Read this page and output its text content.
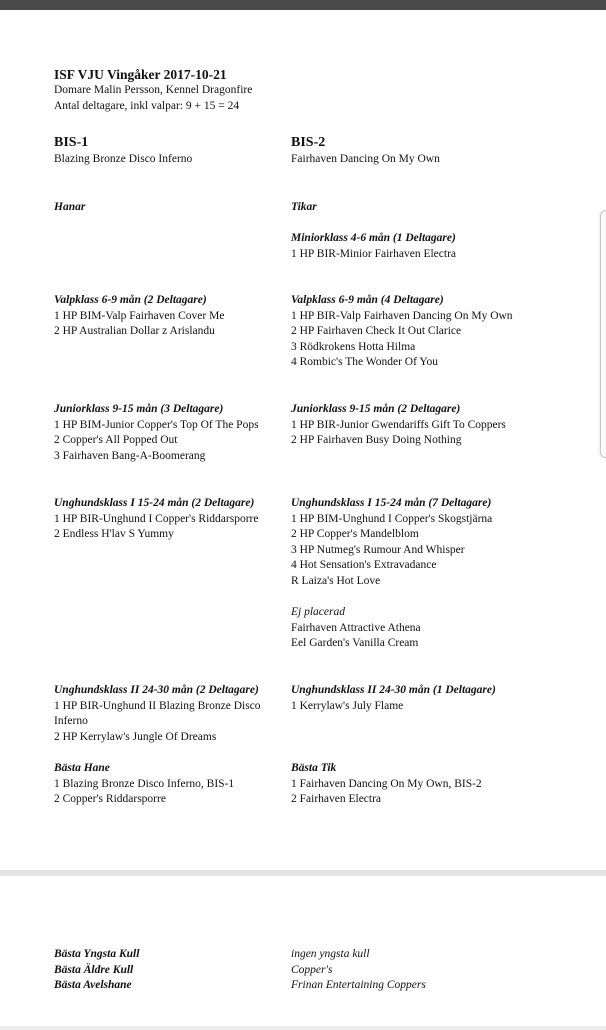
ISF VJU Vingåker 2017-10-21
Domare Malin Persson, Kennel Dragonfire
Antal deltagare, inkl valpar: 9 + 15 = 24
BIS-1
Blazing Bronze Disco Inferno
BIS-2
Fairhaven Dancing On My Own
Hanar	Tikar
Miniorklass 4-6 mån (1 Deltagare)
1 HP BIR-Minior Fairhaven Electra
Valpklass 6-9 mån (2 Deltagare)
1 HP BIM-Valp Fairhaven Cover Me
2 HP Australian Dollar z Arislandu
Valpklass 6-9 mån (4 Deltagare)
1 HP BIR-Valp Fairhaven Dancing On My Own
2 HP Fairhaven Check It Out Clarice
3 Rödkrokens Hotta Hilma
4 Rombic's The Wonder Of You
Juniorklass 9-15 mån (3 Deltagare)
1 HP BIM-Junior Copper's Top Of The Pops
2 Copper's All Popped Out
3 Fairhaven Bang-A-Boomerang
Juniorklass 9-15 mån (2 Deltagare)
1 HP BIR-Junior Gwendariffs Gift To Coppers
2 HP Fairhaven Busy Doing Nothing
Unghundsklass I 15-24 mån (2 Deltagare)
1 HP BIR-Unghund I Copper's Riddarsporre
2 Endless H'lav S Yummy
Unghundsklass I 15-24 mån (7 Deltagare)
1 HP BIM-Unghund I Copper's Skogstjärna
2 HP Copper's Mandelblom
3 HP Nutmeg's Rumour And Whisper
4 Hot Sensation's Extravadance
R Laiza's Hot Love
Ej placerad
Fairhaven Attractive Athena
Eel Garden's Vanilla Cream
Unghundsklass II 24-30 mån (2 Deltagare)
1 HP BIR-Unghund II Blazing Bronze Disco Inferno
2 HP Kerrylaw's Jungle Of Dreams
Unghundsklass II 24-30 mån (1 Deltagare)
1 Kerrylaw's July Flame
Bästa Hane
1 Blazing Bronze Disco Inferno, BIS-1
2 Copper's Riddarsporre
Bästa Tik
1 Fairhaven Dancing On My Own, BIS-2
2 Fairhaven Electra
Bästa Yngsta Kull
Bästa Äldre Kull
Bästa Avelshane
ingen yngsta kull
Copper's
Frinan Entertaining Coppers
